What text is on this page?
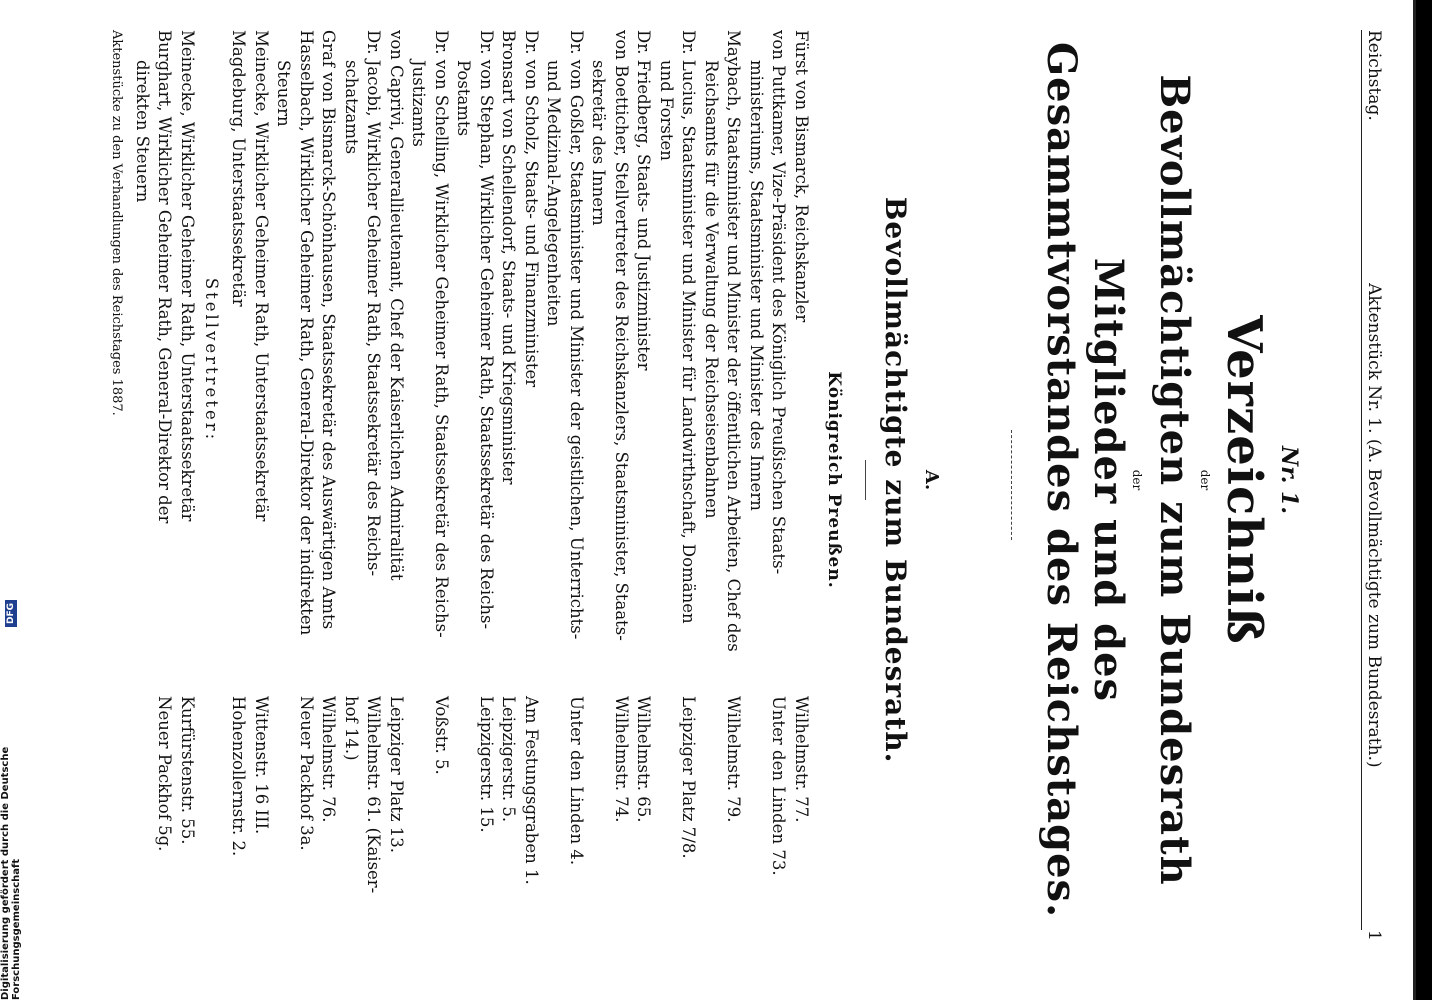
Digitalisierung gefördert durch die Deutsche Forschungsgemeinschaft
DFG
Reichstag.
Aktenstück Nr. 1. (A. Bevollmächtigte zum Bundesrath.)
1
Nr. 1.
Verzeichniß
der
Bevollmächtigten zum Bundesrath
der
Mitglieder und des Gesammtvorstandes des Reichstages.
A.
Bevollmächtigte zum Bundesrath.
Königreich Preußen.
Fürst von Bismarck, Reichskanzler
Wilhelmstr. 77.
von Puttkamer, Vize-Präsident des Königlich Preußischen Staats-
ministeriums, Staatsminister und Minister des Innern
Unter den Linden 73.
Maybach, Staatsminister und Minister der öffentlichen Arbeiten, Chef des
Reichsamts für die Verwaltung der Reichseisenbahnen
Wilhelmstr. 79.
Dr. Lucius, Staatsminister und Minister für Landwirthschaft, Domänen
und Forsten
Leipziger Platz 7/8.
Dr. Friedberg, Staats- und Justizminister
Wilhelmstr. 65.
von Boetticher, Stellvertreter des Reichskanzlers, Staatsminister, Staats-
sekretär des Innern
Wilhelmstr. 74.
Dr. von Goßler, Staatsminister und Minister der geistlichen, Unterrichts-
und Medizinal-Angelegenheiten
Unter den Linden 4.
Dr. von Scholz, Staats- und Finanzminister
Am Festungsgraben 1.
Bronsart von Schellendorf, Staats- und Kriegsminister
Leipzigerstr. 5.
Dr. von Stephan, Wirklicher Geheimer Rath, Staatssekretär des Reichs-
Postamts
Leipzigerstr. 15.
Dr. von Schelling, Wirklicher Geheimer Rath, Staatssekretär des Reichs-
Justizamts
Voßstr. 5.
von Caprivi, Generallieutenant, Chef der Kaiserlichen Admiralität
Leipziger Platz 13.
Dr. Jacobi, Wirklicher Geheimer Rath, Staatssekretär des Reichs-
schatzamts
Wilhelmstr. 61. (Kaiser-
hof 14.)
Graf von Bismarck-Schönhausen, Staatssekretär des Auswärtigen Amts
Wilhelmstr. 76.
Hasselbach, Wirklicher Geheimer Rath, General-Direktor der indirekten
Steuern
Neuer Packhof 3a.
Meinecke, Wirklicher Geheimer Rath, Unterstaatssekretär
Wittenstr. 16 III.
Magdeburg, Unterstaatssekretär
Hohenzollernstr. 2.
Stellvertreter:
Meinecke, Wirklicher Geheimer Rath, Unterstaatssekretär
Kurfürstenstr. 55.
Burghart, Wirklicher Geheimer Rath, General-Direktor der
direkten Steuern
Neuer Packhof 5g.
Aktenstücke zu den Verhandlungen des Reichstages 1887.
